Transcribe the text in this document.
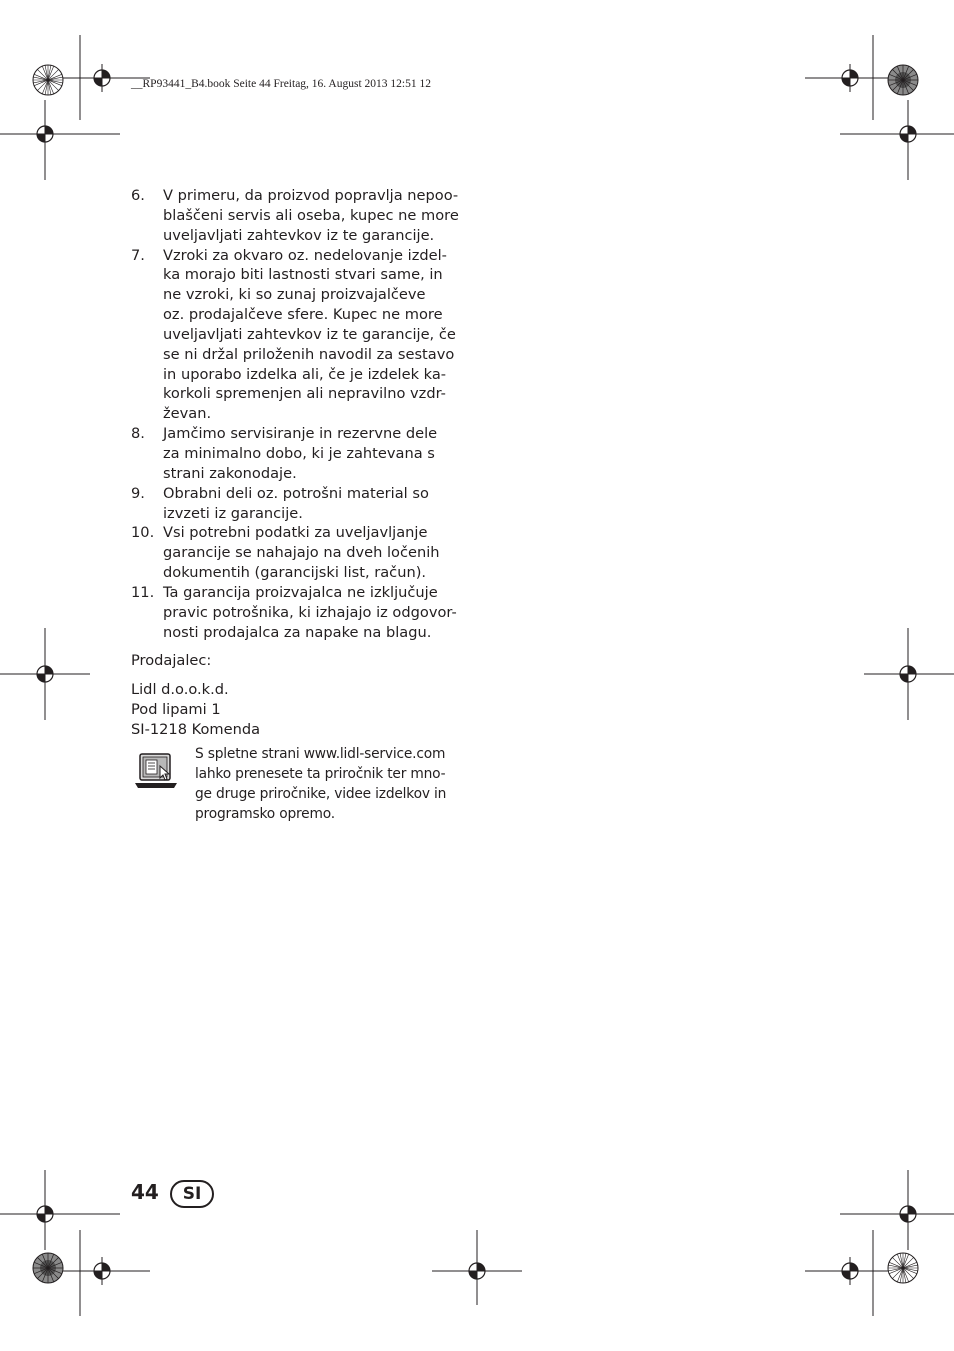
__RP93441_B4.book Seite 44 Freitag, 16. August 2013 12:51 12
6.	V primeru, da proizvod popravlja nepoo-
blaščeni servis ali oseba, kupec ne more
uveljavljati zahtevkov iz te garancije.
7.	Vzroki za okvaro oz. nedelovanje izdel-
ka morajo biti lastnosti stvari same, in
ne vzroki, ki so zunaj proizvajalčeve
oz. prodajalčeve sfere. Kupec ne more
uveljavljati zahtevkov iz te garancije, če
se ni držal priloženih navodil za sestavo
in uporabo izdelka ali, če je izdelek ka-
korkoli spremenjen ali nepravilno vzdr-
ževan.
8.	Jamčimo servisiranje in rezervne dele
za minimalno dobo, ki je zahtevana s
strani zakonodaje.
9.	Obrabni deli oz. potrošni material so
izvzeti iz garancije.
10. Vsi potrebni podatki za uveljavljanje
garancije se nahajajo na dveh ločenih
dokumentih (garancijski list, račun).
11. Ta garancija proizvajalca ne izključuje
pravic potrošnika, ki izhajajo iz odgovor-
nosti prodajalca za napake na blagu.
Prodajalec:
Lidl d.o.o.k.d.
Pod lipami 1
SI-1218 Komenda
S spletne strani www.lidl-service.com
lahko prenesete ta priročnik ter mno-
ge druge priročnike, videe izdelkov in
programsko opremo.
44	SI
